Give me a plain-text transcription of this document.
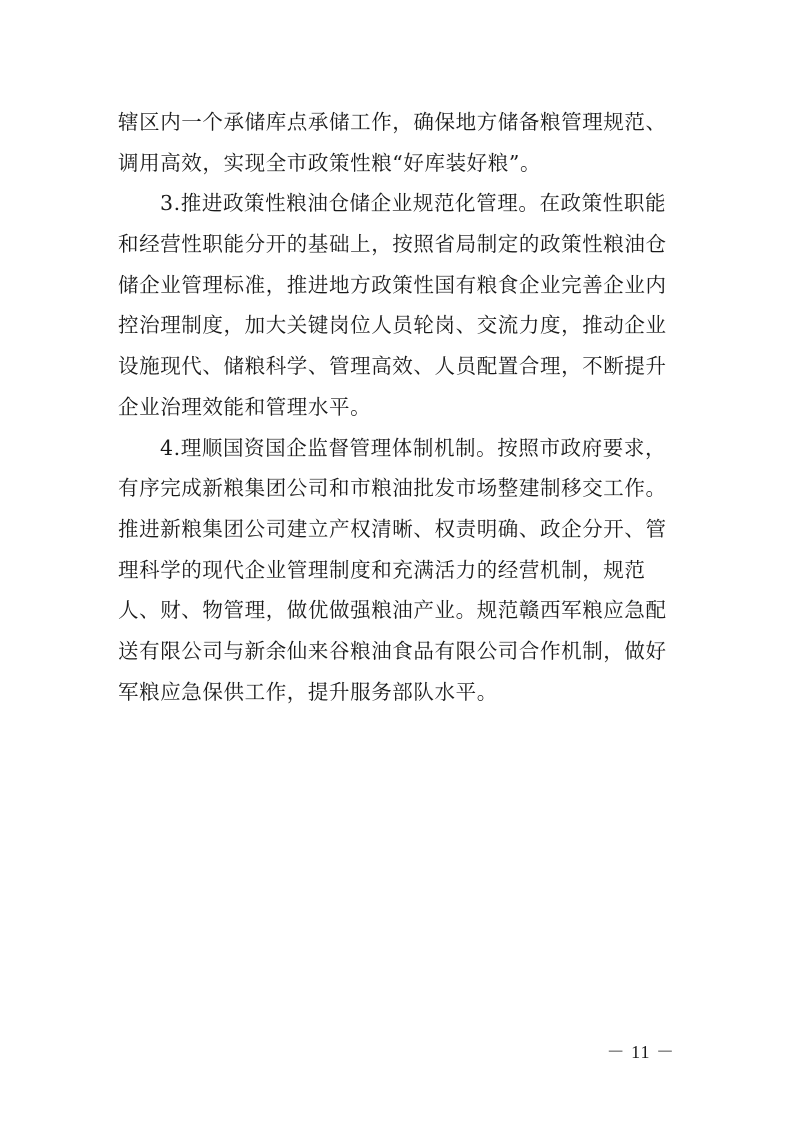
辖区内一个承储库点承储工作，确保地方储备粮管理规范、
调用高效，实现全市政策性粮“好库装好粮”。
3.推进政策性粮油仓储企业规范化管理。在政策性职能
和经营性职能分开的基础上，按照省局制定的政策性粮油仓
储企业管理标准，推进地方政策性国有粮食企业完善企业内
控治理制度，加大关键岗位人员轮岗、交流力度，推动企业
设施现代、储粮科学、管理高效、人员配置合理，不断提升
企业治理效能和管理水平。
4.理顺国资国企监督管理体制机制。按照市政府要求，
有序完成新粮集团公司和市粮油批发市场整建制移交工作。
推进新粮集团公司建立产权清晰、权责明确、政企分开、管
理科学的现代企业管理制度和充满活力的经营机制，规范
人、财、物管理，做优做强粮油产业。规范赣西军粮应急配
送有限公司与新余仙来谷粮油食品有限公司合作机制，做好
军粮应急保供工作，提升服务部队水平。
－ 11 －
